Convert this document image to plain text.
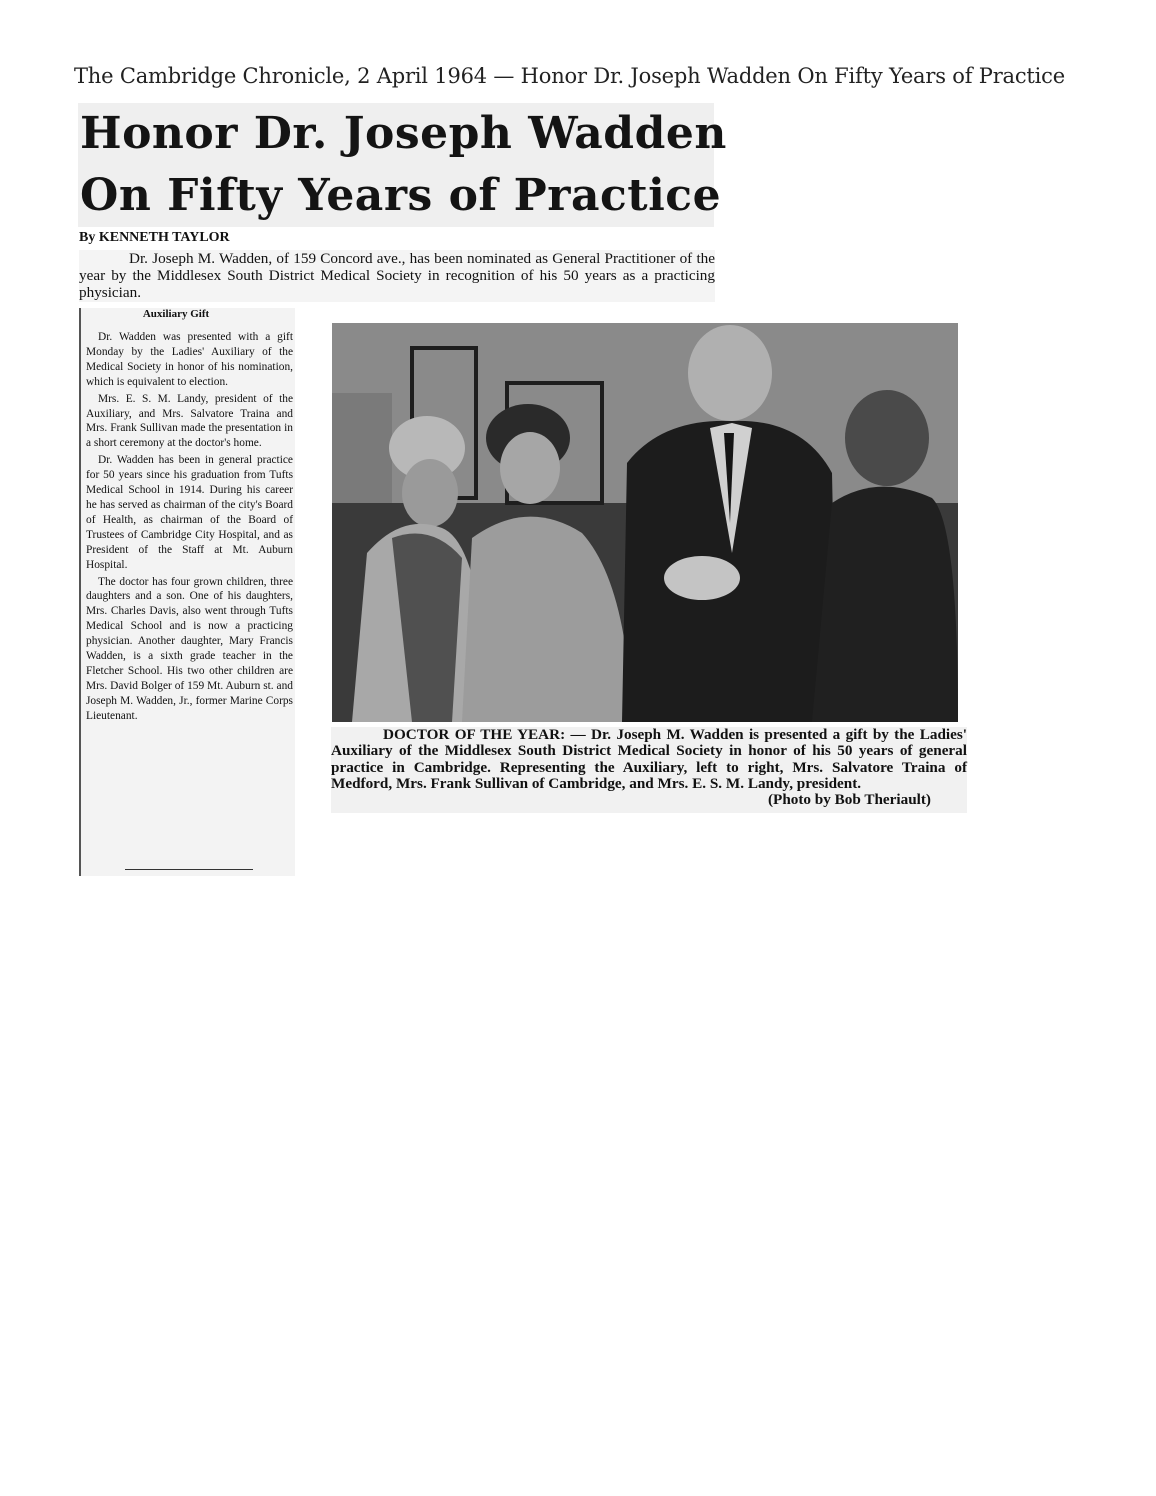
The Cambridge Chronicle, 2 April 1964 — Honor Dr. Joseph Wadden On Fifty Years of Practice
Honor Dr. Joseph Wadden
On Fifty Years of Practice
By KENNETH TAYLOR
Dr. Joseph M. Wadden, of 159 Concord ave., has been nominated as General Practitioner of the year by the Middlesex South District Medical Society in recognition of his 50 years as a practicing physician.
Auxiliary Gift

Dr. Wadden was presented with a gift Monday by the Ladies' Auxiliary of the Medical Society in honor of his nomination, which is equivalent to election.

Mrs. E. S. M. Landy, president of the Auxiliary, and Mrs. Salvatore Traina and Mrs. Frank Sullivan made the presentation in a short ceremony at the doctor's home.

Dr. Wadden has been in general practice for 50 years since his graduation from Tufts Medical School in 1914. During his career he has served as chairman of the city's Board of Health, as chairman of the Board of Trustees of Cambridge City Hospital, and as President of the Staff at Mt. Auburn Hospital.

The doctor has four grown children, three daughters and a son. One of his daughters, Mrs. Charles Davis, also went through Tufts Medical School and is now a practicing physician. Another daughter, Mary Francis Wadden, is a sixth grade teacher in the Fletcher School. His two other children are Mrs. David Bolger of 159 Mt. Auburn st. and Joseph M. Wadden, Jr., former Marine Corps Lieutenant.

DOCTOR OF THE YEAR: — Dr. Joseph M. Wadden is presented a gift by the Ladies' Auxiliary of the Middlesex South District Medical Society in honor of his 50 years of general practice in Cambridge. Representing the Auxiliary, left to right, Mrs. Salvatore Traina of Medford, Mrs. Frank Sullivan of Cambridge, and Mrs. E. S. M. Landy, president.
(Photo by Bob Theriault)
